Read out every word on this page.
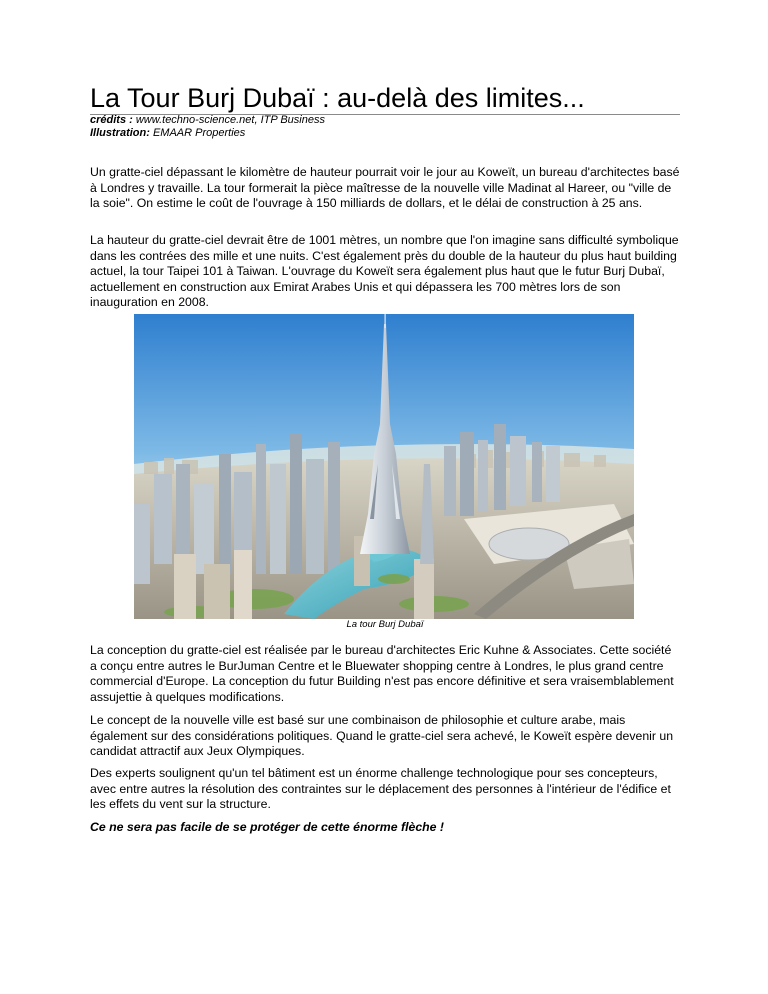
La Tour Burj Dubaï : au-delà des limites...
crédits : www.techno-science.net, ITP Business
Illustration: EMAAR Properties

Un gratte-ciel dépassant le kilomètre de hauteur pourrait voir le jour au Koweït, un bureau d'architectes basé à Londres y travaille. La tour formerait la pièce maîtresse de la nouvelle ville Madinat al Hareer, ou "ville de la soie". On estime le coût de l'ouvrage à 150 milliards de dollars, et le délai de construction à 25 ans.

La hauteur du gratte-ciel devrait être de 1001 mètres, un nombre que l'on imagine sans difficulté symbolique dans les contrées des mille et une nuits. C'est également près du double de la hauteur du plus haut building actuel, la tour Taipei 101 à Taiwan. L'ouvrage du Koweït sera également plus haut que le futur Burj Dubaï, actuellement en construction aux Emirat Arabes Unis et qui dépassera les 700 mètres lors de son inauguration en 2008.

La tour Burj Dubaï

La conception du gratte-ciel est réalisée par le bureau d'architectes Eric Kuhne & Associates. Cette société a conçu entre autres le BurJuman Centre et le Bluewater shopping centre à Londres, le plus grand centre commercial d'Europe. La conception du futur Building n'est pas encore définitive et sera vraisemblablement assujettie à quelques modifications.

Le concept de la nouvelle ville est basé sur une combinaison de philosophie et culture arabe, mais également sur des considérations politiques. Quand le gratte-ciel sera achevé, le Koweït espère devenir un candidat attractif aux Jeux Olympiques.

Des experts soulignent qu'un tel bâtiment est un énorme challenge technologique pour ses concepteurs, avec entre autres la résolution des contraintes sur le déplacement des personnes à l'intérieur de l'édifice et les effets du vent sur la structure.

Ce ne sera pas facile de se protéger de cette énorme flèche !
